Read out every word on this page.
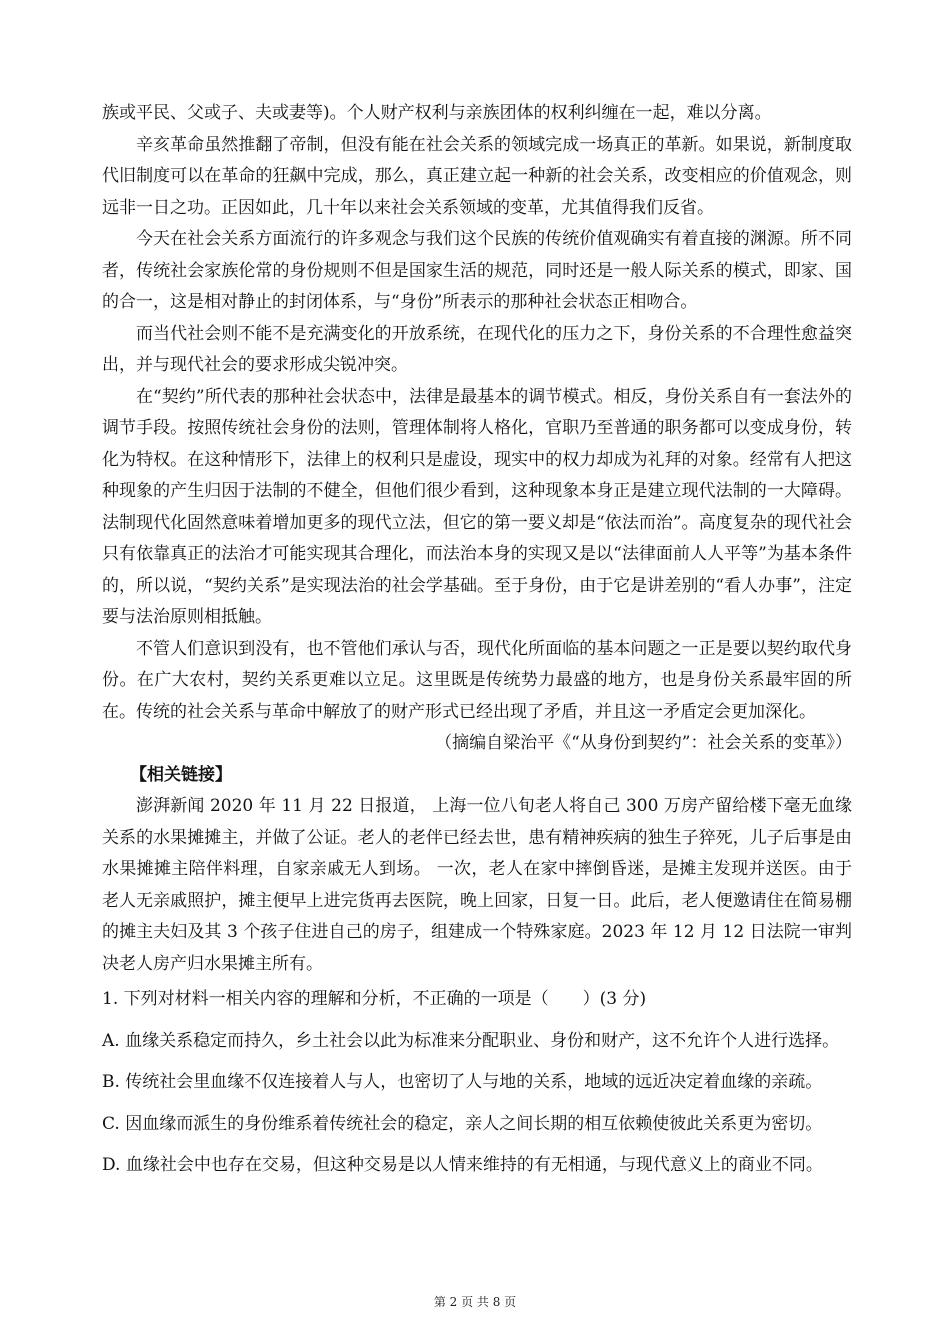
族或平民、父或子、夫或妻等)。个人财产权利与亲族团体的权利纠缠在一起，难以分离。

辛亥革命虽然推翻了帝制，但没有能在社会关系的领域完成一场真正的革新。如果说，新制度取代旧制度可以在革命的狂飙中完成，那么，真正建立起一种新的社会关系，改变相应的价值观念，则远非一日之功。正因如此，几十年以来社会关系领域的变革，尤其值得我们反省。

今天在社会关系方面流行的许多观念与我们这个民族的传统价值观确实有着直接的渊源。所不同者，传统社会家族伦常的身份规则不但是国家生活的规范，同时还是一般人际关系的模式，即家、国的合一，这是相对静止的封闭体系，与“身份”所表示的那种社会状态正相吻合。

而当代社会则不能不是充满变化的开放系统，在现代化的压力之下，身份关系的不合理性愈益突出，并与现代社会的要求形成尖锐冲突。

在“契约”所代表的那种社会状态中，法律是最基本的调节模式。相反，身份关系自有一套法外的调节手段。按照传统社会身份的法则，管理体制将人格化，官职乃至普通的职务都可以变成身份，转化为特权。在这种情形下，法律上的权利只是虚设，现实中的权力却成为礼拜的对象。经常有人把这种现象的产生归因于法制的不健全，但他们很少看到，这种现象本身正是建立现代法制的一大障碍。法制现代化固然意味着增加更多的现代立法，但它的第一要义却是“依法而治”。高度复杂的现代社会只有依靠真正的法治才可能实现其合理化，而法治本身的实现又是以“法律面前人人平等”为基本条件的，所以说，“契约关系”是实现法治的社会学基础。至于身份，由于它是讲差别的“看人办事”，注定要与法治原则相抵触。

不管人们意识到没有，也不管他们承认与否，现代化所面临的基本问题之一正是要以契约取代身份。在广大农村，契约关系更难以立足。这里既是传统势力最盛的地方，也是身份关系最牢固的所在。传统的社会关系与革命中解放了的财产形式已经出现了矛盾，并且这一矛盾定会更加深化。

（摘编自梁治平《“从身份到契约”：社会关系的变革》）

【相关链接】

澎湃新闻 2020 年 11 月 22 日报道， 上海一位八旬老人将自己 300 万房产留给楼下毫无血缘关系的水果摊摊主，并做了公证。老人的老伴已经去世，患有精神疾病的独生子猝死，儿子后事是由水果摊摊主陪伴料理，自家亲戚无人到场。 一次，老人在家中摔倒昏迷，是摊主发现并送医。由于老人无亲戚照护，摊主便早上进完货再去医院，晚上回家，日复一日。此后，老人便邀请住在简易棚的摊主夫妇及其 3 个孩子住进自己的房子，组建成一个特殊家庭。2023 年 12 月 12 日法院一审判决老人房产归水果摊主所有。

1. 下列对材料一相关内容的理解和分析，不正确的一项是（　　）(3 分)

A. 血缘关系稳定而持久，乡土社会以此为标准来分配职业、身份和财产，这不允许个人进行选择。

B. 传统社会里血缘不仅连接着人与人，也密切了人与地的关系，地域的远近决定着血缘的亲疏。

C. 因血缘而派生的身份维系着传统社会的稳定，亲人之间长期的相互依赖使彼此关系更为密切。

D. 血缘社会中也存在交易，但这种交易是以人情来维持的有无相通，与现代意义上的商业不同。

第 2 页 共 8 页
